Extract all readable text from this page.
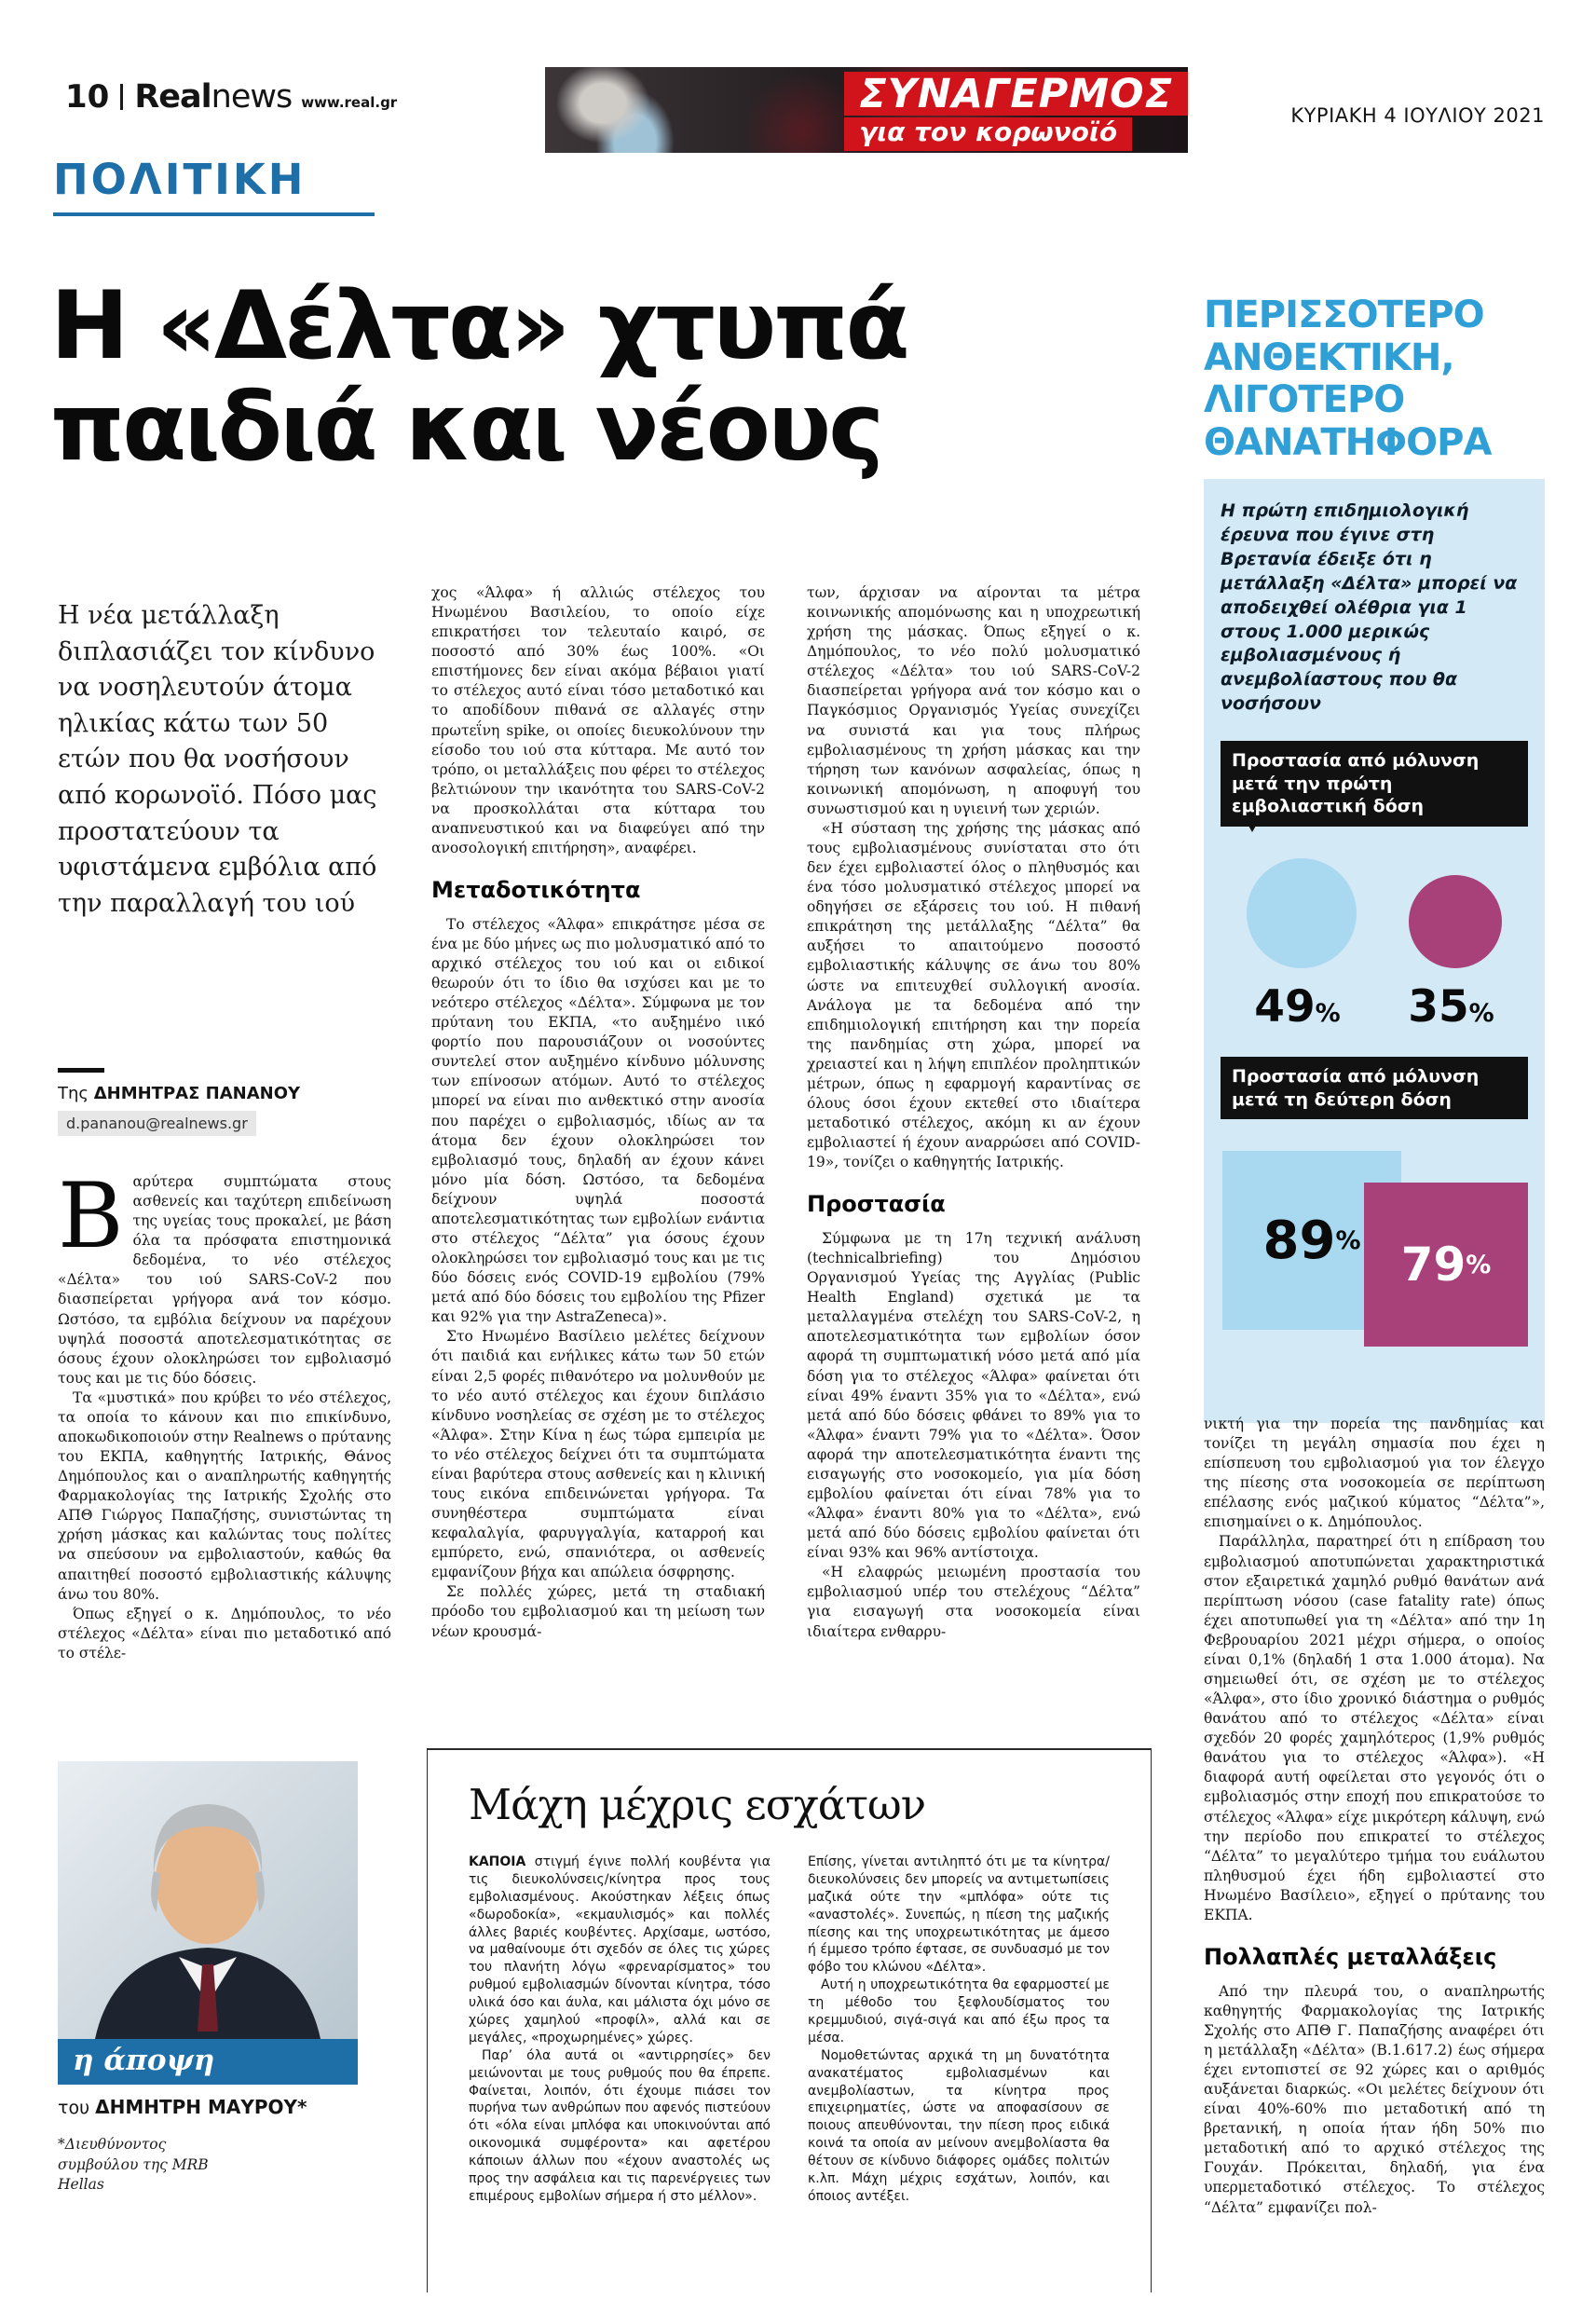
10 Real news www.real.gr	ΣΥΝΑΓΕΡΜΟΣ
για τον κορωνοϊό
ΚΥΡΙΑΚΗ 4 ΙΟΥΛΙΟΥ 2021
ΠΟΛΙΤΙΚΗ
Η «Δέλτα» χτυπά παιδιά και νέους
Η νέα μετάλλαξη διπλασιάζει τον κίνδυνο να νοσηλευτούν άτομα ηλικίας κάτω των 50 ετών που θα νοσήσουν από κορωνοϊό. Πόσο μας προστατεύουν τα υφιστάμενα εμβόλια από την παραλλαγή του ιού
Της ΔΗΜΗΤΡΑΣ ΠΑΝΑΝΟΥ
d.pananou@realnews.gr

Βαρύτερα συμπτώματα στους ασθενείς και ταχύτερη επιδείνωση της υγείας τους προκαλεί, με βάση όλα τα πρόσφατα επιστημονικά δεδομένα, το νέο στέλεχος «Δέλτα» του ιού SARS-CoV-2 που διασπείρεται γρήγορα ανά τον κόσμο. Ωστόσο, τα εμβόλια δείχνουν να παρέχουν υψηλά ποσοστά αποτελεσματικότητας σε όσους έχουν ολοκληρώσει τον εμβολιασμό τους και με τις δύο δόσεις.

Τα «μυστικά» που κρύβει το νέο στέλεχος, τα οποία το κάνουν και πιο επικίνδυνο, αποκωδικοποιούν στην Realnews ο πρύτανης του ΕΚΠΑ, καθηγητής Ιατρικής, Θάνος Δημόπουλος και ο αναπληρωτής καθηγητής Φαρμακολογίας της Ιατρικής Σχολής στο ΑΠΘ Γιώργος Παπαζήσης, συνιστώντας τη χρήση μάσκας και καλώντας τους πολίτες να σπεύσουν να εμβολιαστούν, καθώς θα απαιτηθεί ποσοστό εμβολιαστικής κάλυψης άνω του 80%.

Όπως εξηγεί ο κ. Δημόπουλος, το νέο στέλεχος «Δέλτα» είναι πιο μεταδοτικό από το στέλε-

χος «Άλφα» ή αλλιώς στέλεχος του Ηνωμένου Βασιλείου, το οποίο είχε επικρατήσει τον τελευταίο καιρό, σε ποσοστό από 30% έως 100%. «Οι επιστήμονες δεν είναι ακόμα βέβαιοι γιατί το στέλεχος αυτό είναι τόσο μεταδοτικό και το αποδίδουν πιθανά σε αλλαγές στην πρωτεΐνη spike, οι οποίες διευκολύνουν την είσοδο του ιού στα κύτταρα. Με αυτό τον τρόπο, οι μεταλλάξεις που φέρει το στέλεχος βελτιώνουν την ικανότητα του SARS-CoV-2 να προσκολλάται στα κύτταρα του αναπνευστικού και να διαφεύγει από την ανοσολογική επιτήρηση», αναφέρει.

Μεταδοτικότητα

Το στέλεχος «Άλφα» επικράτησε μέσα σε ένα με δύο μήνες ως πιο μολυσματικό από το αρχικό στέλεχος του ιού και οι ειδικοί θεωρούν ότι το ίδιο θα ισχύσει και με το νεότερο στέλεχος «Δέλτα». Σύμφωνα με τον πρύτανη του ΕΚΠΑ, «το αυξημένο ιικό φορτίο που παρουσιάζουν οι νοσούντες συντελεί στον αυξημένο κίνδυνο μόλυνσης των επίνοσων ατόμων. Αυτό το στέλεχος μπορεί να είναι πιο ανθεκτικό στην ανοσία που παρέχει ο εμβολιασμός, ιδίως αν τα άτομα δεν έχουν ολοκληρώσει τον εμβολιασμό τους, δηλαδή αν έχουν κάνει μόνο μία δόση. Ωστόσο, τα δεδομένα δείχνουν υψηλά ποσοστά αποτελεσματικότητας των εμβολίων ενάντια στο στέλεχος “Δέλτα” για όσους έχουν ολοκληρώσει τον εμβολιασμό τους και με τις δύο δόσεις ενός COVID-19 εμβολίου (79% μετά από δύο δόσεις του εμβολίου της Pfizer και 92% για την AstraZeneca)».

Στο Ηνωμένο Βασίλειο μελέτες δείχνουν ότι παιδιά και ενήλικες κάτω των 50 ετών είναι 2,5 φορές πιθανότερο να μολυνθούν με το νέο αυτό στέλεχος και έχουν διπλάσιο κίνδυνο νοσηλείας σε σχέση με το στέλεχος «Άλφα». Στην Κίνα η έως τώρα εμπειρία με το νέο στέλεχος δείχνει ότι τα συμπτώματα είναι βαρύτερα στους ασθενείς και η κλινική τους εικόνα επιδεινώνεται γρήγορα. Τα συνηθέστερα συμπτώματα είναι κεφαλαλγία, φαρυγγαλγία, καταρροή και εμπύρετο, ενώ, σπανιότερα, οι ασθενείς εμφανίζουν βήχα και απώλεια όσφρησης.

Σε πολλές χώρες, μετά τη σταδιακή πρόοδο του εμβολιασμού και τη μείωση των νέων κρουσμά-

των, άρχισαν να αίρονται τα μέτρα κοινωνικής απομόνωσης και η υποχρεωτική χρήση της μάσκας. Όπως εξηγεί ο κ. Δημόπουλος, το νέο πολύ μολυσματικό στέλεχος «Δέλτα» του ιού SARS-CoV-2 διασπείρεται γρήγορα ανά τον κόσμο και ο Παγκόσμιος Οργανισμός Υγείας συνεχίζει να συνιστά και για τους πλήρως εμβολιασμένους τη χρήση μάσκας και την τήρηση των κανόνων ασφαλείας, όπως η κοινωνική απομόνωση, η αποφυγή του συνωστισμού και η υγιεινή των χεριών.

«Η σύσταση της χρήσης της μάσκας από τους εμβολιασμένους συνίσταται στο ότι δεν έχει εμβολιαστεί όλος ο πληθυσμός και ένα τόσο μολυσματικό στέλεχος μπορεί να οδηγήσει σε εξάρσεις του ιού. Η πιθανή επικράτηση της μετάλλαξης “Δέλτα” θα αυξήσει το απαιτούμενο ποσοστό εμβολιαστικής κάλυψης σε άνω του 80% ώστε να επιτευχθεί συλλογική ανοσία. Ανάλογα με τα δεδομένα από την επιδημιολογική επιτήρηση και την πορεία της πανδημίας στη χώρα, μπορεί να χρειαστεί και η λήψη επιπλέον προληπτικών μέτρων, όπως η εφαρμογή καραντίνας σε όλους όσοι έχουν εκτεθεί στο ιδιαίτερα μεταδοτικό στέλεχος, ακόμη κι αν έχουν εμβολιαστεί ή έχουν αναρρώσει από COVID-19», τονίζει ο καθηγητής Ιατρικής.

Προστασία

Σύμφωνα με τη 17η τεχνική ανάλυση (technicalbriefing) του Δημόσιου Οργανισμού Υγείας της Αγγλίας (Public Health England) σχετικά με τα μεταλλαγμένα στελέχη του SARS-CoV-2, η αποτελεσματικότητα των εμβολίων όσον αφορά τη συμπτωματική νόσο μετά από μία δόση για το στέλεχος «Άλφα» φαίνεται ότι είναι 49% έναντι 35% για το «Δέλτα», ενώ μετά από δύο δόσεις φθάνει το 89% για το «Άλφα» έναντι 79% για το «Δέλτα». Όσον αφορά την αποτελεσματικότητα έναντι της εισαγωγής στο νοσοκομείο, για μία δόση εμβολίου φαίνεται ότι είναι 78% για το «Άλφα» έναντι 80% για το «Δέλτα», ενώ μετά από δύο δόσεις εμβολίου φαίνεται ότι είναι 93% και 96% αντίστοιχα.

«Η ελαφρώς μειωμένη προστασία του εμβολιασμού υπέρ του στελέχους “Δέλτα” για εισαγωγή στα νοσοκομεία είναι ιδιαίτερα ενθαρρυ-

ΠΕΡΙΣΣΟΤΕΡΟ ΑΝΘΕΚΤΙΚΗ, ΛΙΓΟΤΕΡΟ ΘΑΝΑΤΗΦΟΡΑ
Η πρώτη επιδημιολογική έρευνα που έγινε στη Βρετανία έδειξε ότι η μετάλλαξη «Δέλτα» μπορεί να αποδειχθεί ολέθρια για 1 στους 1.000 μερικώς εμβολιασμένους ή ανεμβολίαστους που θα νοσήσουν
Προστασία από μόλυνση μετά την πρώτη εμβολιαστική δόση
49% 35%
Προστασία από μόλυνση μετά τη δεύτερη δόση
89 % 79 %

νικτή για την πορεία της πανδημίας και τονίζει τη μεγάλη σημασία που έχει η επίσπευση του εμβολιασμού για τον έλεγχο της πίεσης στα νοσοκομεία σε περίπτωση επέλασης ενός μαζικού κύματος “Δέλτα”», επισημαίνει ο κ. Δημόπουλος.

Παράλληλα, παρατηρεί ότι η επίδραση του εμβολιασμού αποτυπώνεται χαρακτηριστικά στον εξαιρετικά χαμηλό ρυθμό θανάτων ανά περίπτωση νόσου (case fatality rate) όπως έχει αποτυπωθεί για τη «Δέλτα» από την 1η Φεβρουαρίου 2021 μέχρι σήμερα, ο οποίος είναι 0,1% (δηλαδή 1 στα 1.000 άτομα). Να σημειωθεί ότι, σε σχέση με το στέλεχος «Άλφα», στο ίδιο χρονικό διάστημα ο ρυθμός θανάτου από το στέλεχος «Δέλτα» είναι σχεδόν 20 φορές χαμηλότερος (1,9% ρυθμός θανάτου για το στέλεχος «Άλφα»). «Η διαφορά αυτή οφείλεται στο γεγονός ότι ο εμβολιασμός στην εποχή που επικρατούσε το στέλεχος «Άλφα» είχε μικρότερη κάλυψη, ενώ την περίοδο που επικρατεί το στέλεχος “Δέλτα” το μεγαλύτερο τμήμα του ευάλωτου πληθυσμού έχει ήδη εμβολιαστεί στο Ηνωμένο Βασίλειο», εξηγεί ο πρύτανης του ΕΚΠΑ.

Πολλαπλές μεταλλάξεις

Από την πλευρά του, ο αναπληρωτής καθηγητής Φαρμακολογίας της Ιατρικής Σχολής στο ΑΠΘ Γ. Παπαζήσης αναφέρει ότι η μετάλλαξη «Δέλτα» (B.1.617.2) έως σήμερα έχει εντοπιστεί σε 92 χώρες και ο αριθμός αυξάνεται διαρκώς. «Οι μελέτες δείχνουν ότι είναι 40%-60% πιο μεταδοτική από τη βρετανική, η οποία ήταν ήδη 50% πιο μεταδοτική από το αρχικό στέλεχος της Γουχάν. Πρόκειται, δηλαδή, για ένα υπερμεταδοτικό στέλεχος. Το στέλεχος “Δέλτα” εμφανίζει πολ-

η άποψη
του ΔΗΜΗΤΡΗ ΜΑΥΡΟΥ*
*Διευθύνοντος συμβούλου της MRB Hellas
Μάχη μέχρις εσχάτων

ΚΑΠΟΙΑ στιγμή έγινε πολλή κουβέντα για τις διευκολύνσεις/κίνητρα προς τους εμβολιασμένους. Ακούστηκαν λέξεις όπως «δωροδοκία», «εκμαυλισμός» και πολλές άλλες βαριές κουβέντες. Αρχίσαμε, ωστόσο, να μαθαίνουμε ότι σχεδόν σε όλες τις χώρες του πλανήτη λόγω «φρεναρίσματος» του ρυθμού εμβολιασμών δίνονται κίνητρα, τόσο υλικά όσο και άυλα, και μάλιστα όχι μόνο σε χώρες χαμηλού «προφίλ», αλλά και σε μεγάλες, «προχωρημένες» χώρες.

Παρ’ όλα αυτά οι «αντιρρησίες» δεν μειώνονται με τους ρυθμούς που θα έπρεπε. Φαίνεται, λοιπόν, ότι έχουμε πιάσει τον πυρήνα των ανθρώπων που αφενός πιστεύουν ότι «όλα είναι μπλόφα και υποκινούνται από οικονομικά συμφέροντα» και αφετέρου κάποιων άλλων που «έχουν αναστολές ως προς την ασφάλεια και τις παρενέργειες των επιμέρους εμβολίων σήμερα ή στο μέλλον».

Επίσης, γίνεται αντιληπτό ότι με τα κίνητρα/διευκολύνσεις δεν μπορείς να αντιμετωπίσεις μαζικά ούτε την «μπλόφα» ούτε τις «αναστολές». Συνεπώς, η πίεση της μαζικής πίεσης και της υποχρεωτικότητας με άμεσο ή έμμεσο τρόπο έφτασε, σε συνδυασμό με τον φόβο του κλώνου «Δέλτα».

Αυτή η υποχρεωτικότητα θα εφαρμοστεί με τη μέθοδο του ξεφλουδίσματος του κρεμμυδιού, σιγά-σιγά και από έξω προς τα μέσα.

Νομοθετώντας αρχικά τη μη δυνατότητα ανακατέματος εμβολιασμένων και ανεμβολίαστων, τα κίνητρα προς επιχειρηματίες, ώστε να αποφασίσουν σε ποιους απευθύνονται, την πίεση προς ειδικά κοινά τα οποία αν μείνουν ανεμβολίαστα θα θέτουν σε κίνδυνο διάφορες ομάδες πολιτών κ.λπ. Μάχη μέχρις εσχάτων, λοιπόν, και όποιος αντέξει.
